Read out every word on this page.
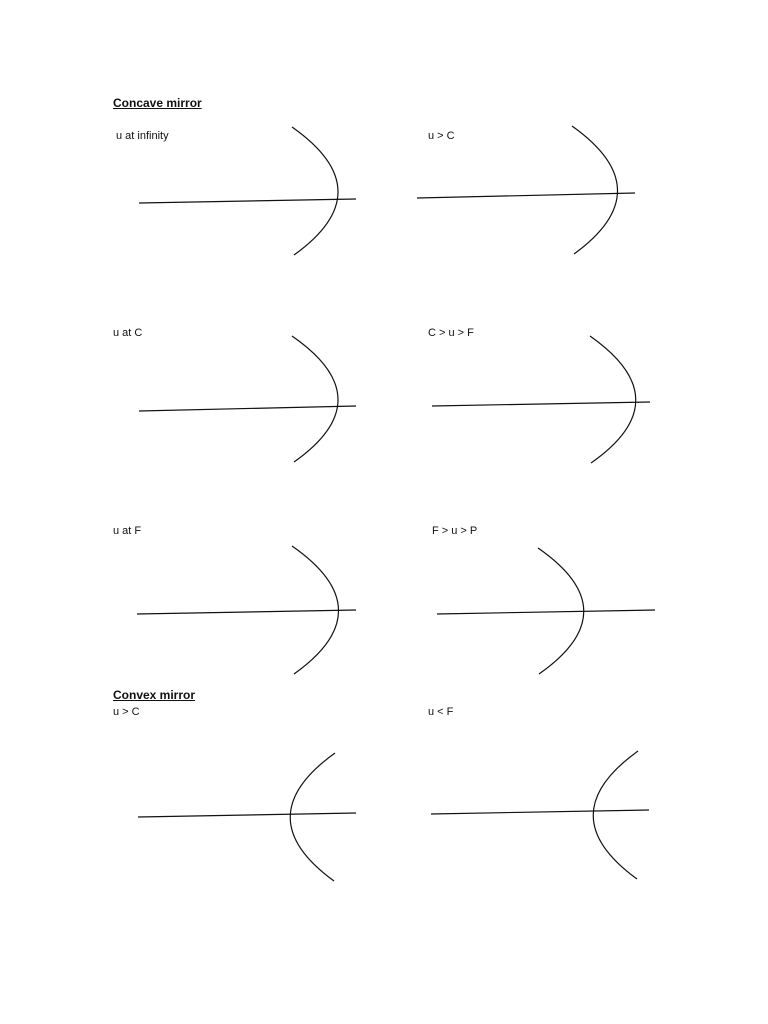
Concave mirror
Convex mirror
u at infinity	u > C
u at C	C > u > F
u at F	F > u > P
u > C	u < F
